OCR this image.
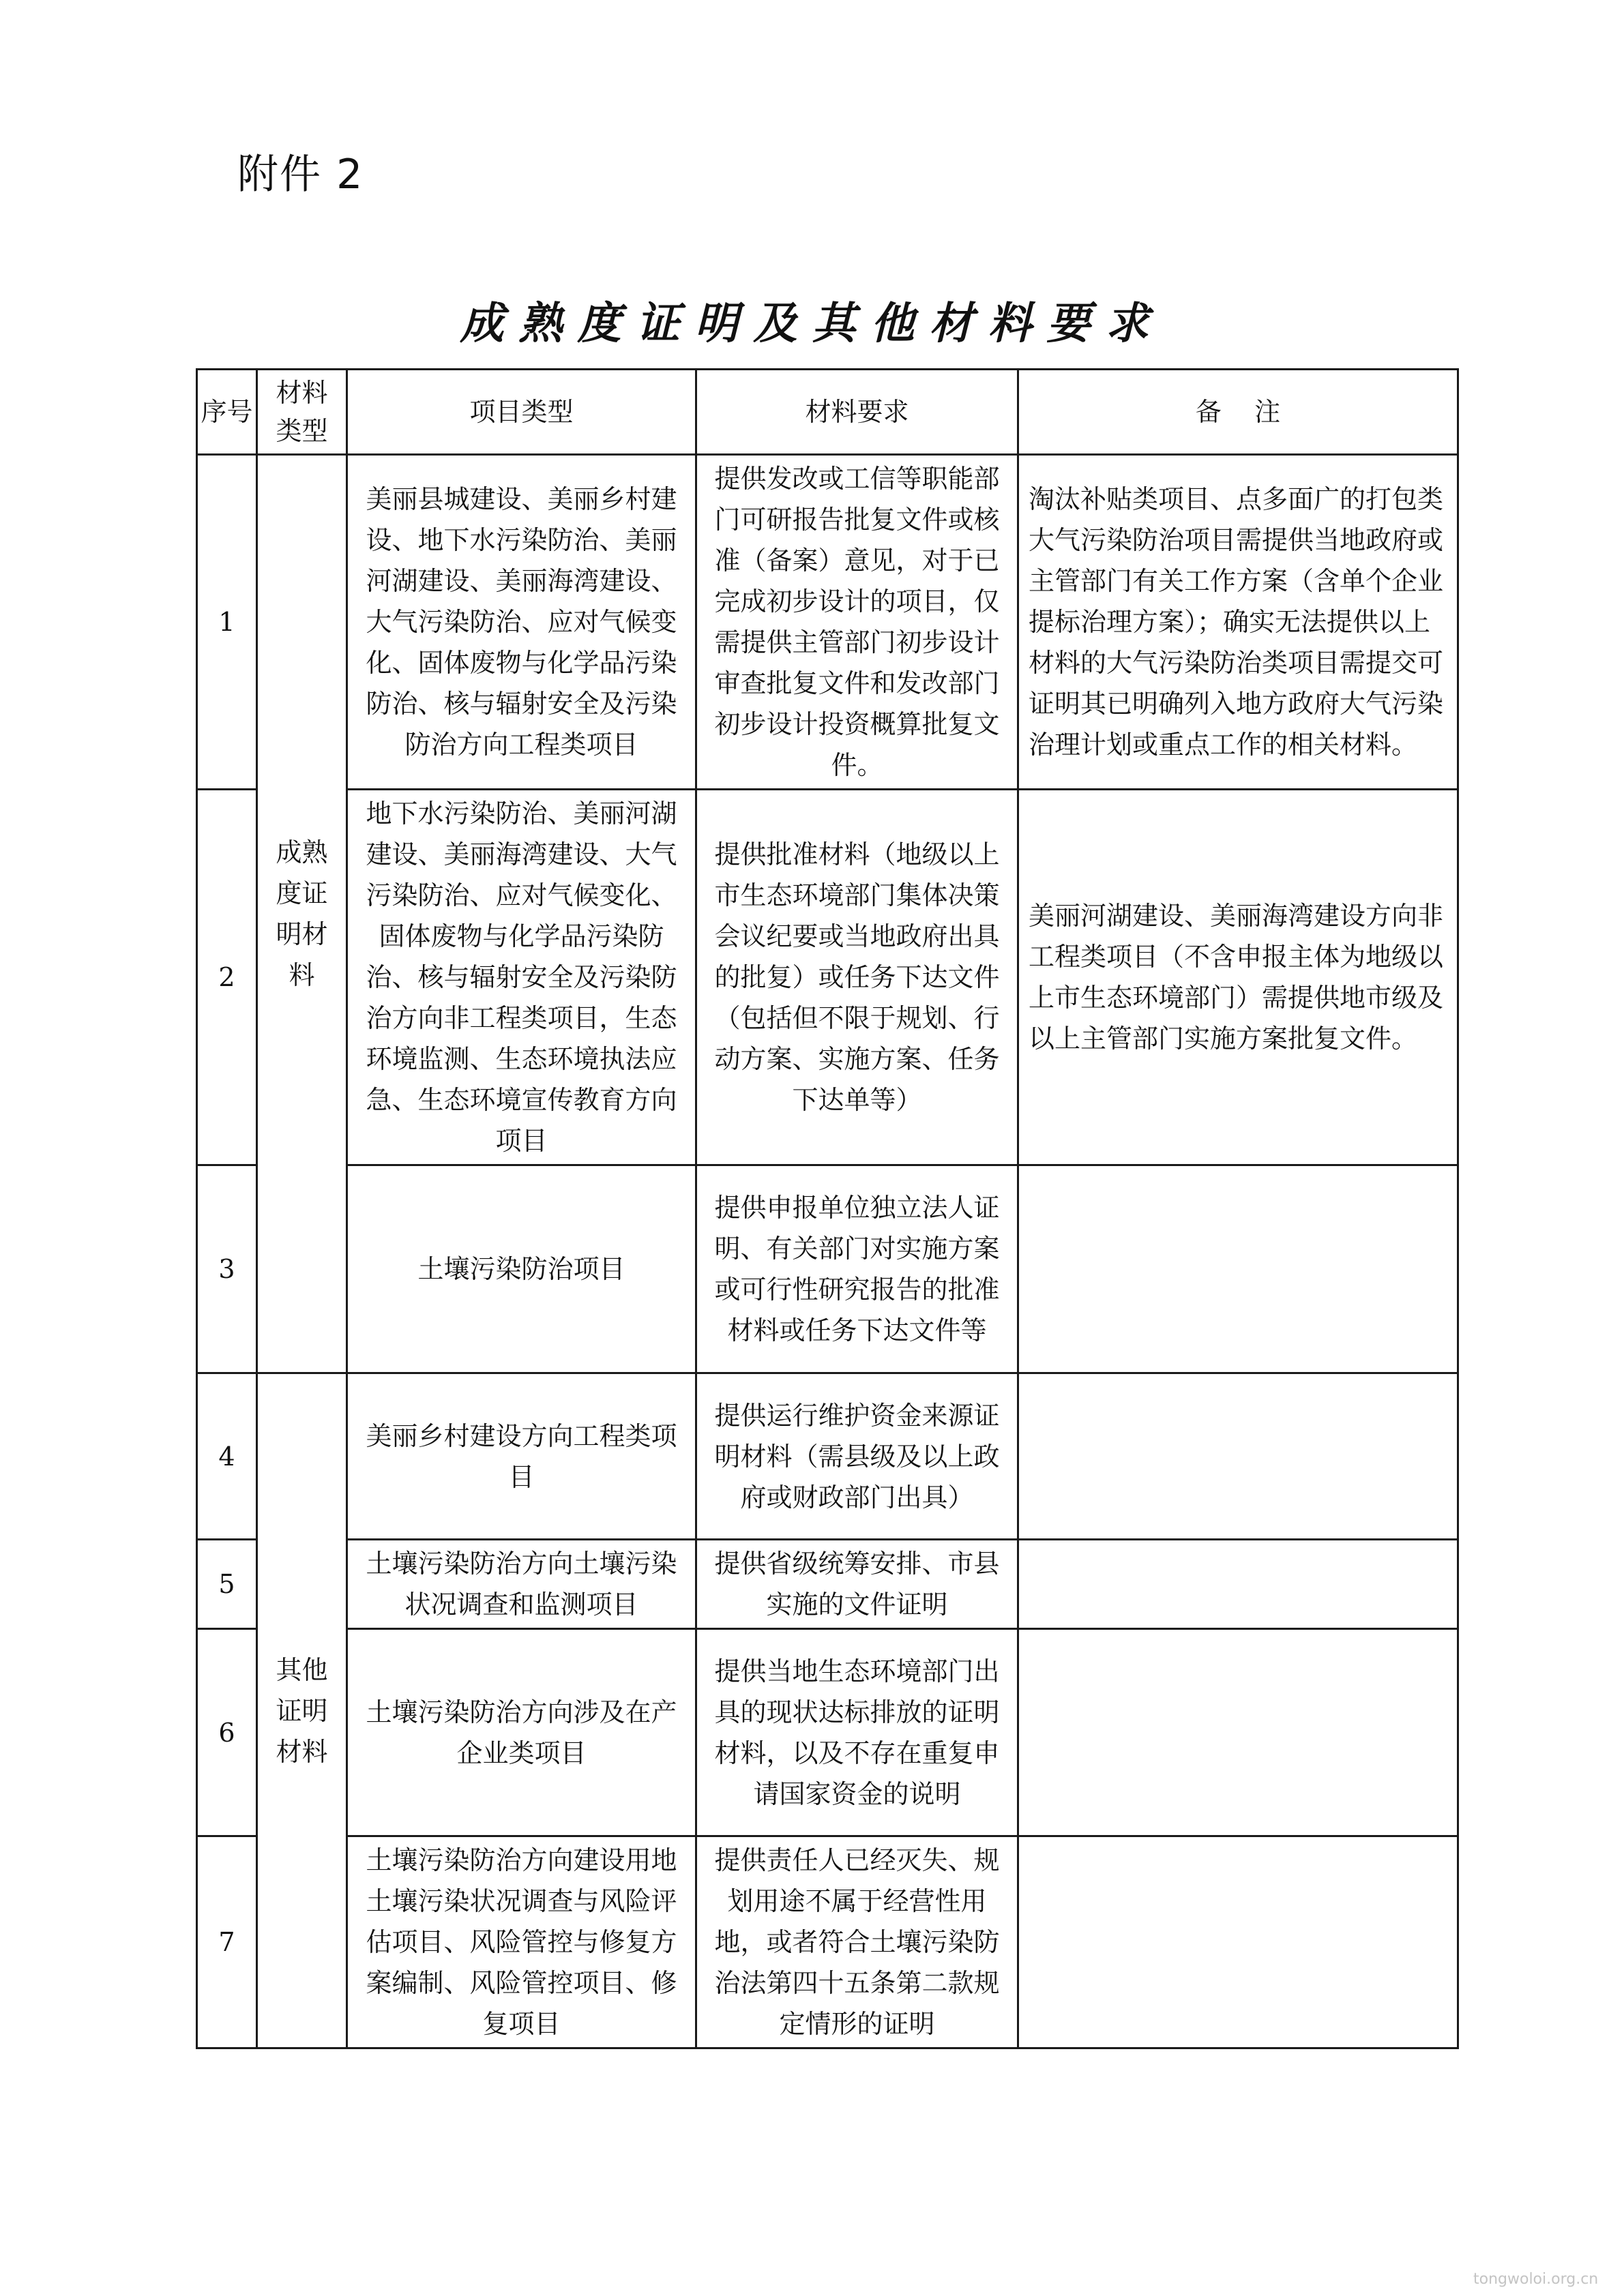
附件 2
成熟度证明及其他材料要求
序号	材料类型	项目类型	材料要求	备    注
1	成熟度证明材料	美丽县城建设、美丽乡村建设、地下水污染防治、美丽河湖建设、美丽海湾建设、大气污染防治、应对气候变化、固体废物与化学品污染防治、核与辐射安全及污染防治方向工程类项目	提供发改或工信等职能部门可研报告批复文件或核准（备案）意见，对于已完成初步设计的项目，仅需提供主管部门初步设计审查批复文件和发改部门初步设计投资概算批复文件。	淘汰补贴类项目、点多面广的打包类大气污染防治项目需提供当地政府或主管部门有关工作方案（含单个企业提标治理方案）；确实无法提供以上材料的大气污染防治类项目需提交可证明其已明确列入地方政府大气污染治理计划或重点工作的相关材料。
2		地下水污染防治、美丽河湖建设、美丽海湾建设、大气污染防治、应对气候变化、固体废物与化学品污染防治、核与辐射安全及污染防治方向非工程类项目，生态环境监测、生态环境执法应急、生态环境宣传教育方向项目	提供批准材料（地级以上市生态环境部门集体决策会议纪要或当地政府出具的批复）或任务下达文件（包括但不限于规划、行动方案、实施方案、任务下达单等）	美丽河湖建设、美丽海湾建设方向非工程类项目（不含申报主体为地级以上市生态环境部门）需提供地市级及以上主管部门实施方案批复文件。
3		土壤污染防治项目	提供申报单位独立法人证明、有关部门对实施方案或可行性研究报告的批准材料或任务下达文件等	
4	其他证明材料	美丽乡村建设方向工程类项目	提供运行维护资金来源证明材料（需县级及以上政府或财政部门出具）	
5		土壤污染防治方向土壤污染状况调查和监测项目	提供省级统筹安排、市县实施的文件证明	
6		土壤污染防治方向涉及在产企业类项目	提供当地生态环境部门出具的现状达标排放的证明材料，以及不存在重复申请国家资金的说明	
7		土壤污染防治方向建设用地土壤污染状况调查与风险评估项目、风险管控与修复方案编制、风险管控项目、修复项目	提供责任人已经灭失、规划用途不属于经营性用地，或者符合土壤污染防治法第四十五条第二款规定情形的证明	
tongwoloi.org.cn
